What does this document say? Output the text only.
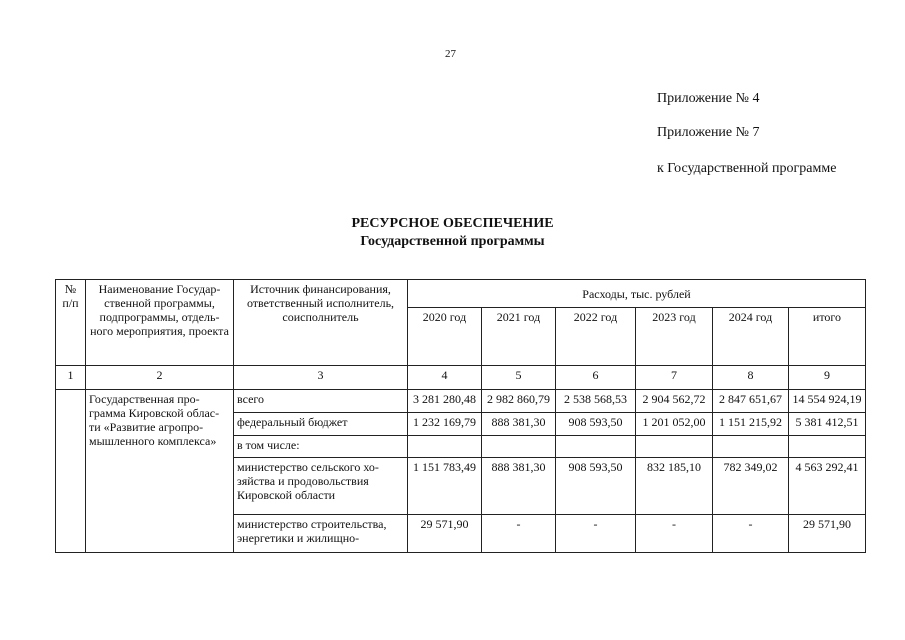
27
Приложение № 4
Приложение № 7
к Государственной программе
РЕСУРСНОЕ ОБЕСПЕЧЕНИЕ
Государственной программы
№ п/п	Наименование Государ-ственной программы, подпрограммы, отдель-ного мероприятия, проекта	Источник финансирования, ответственный исполнитель, соисполнитель	Расходы, тыс. рублей					
			2020 год	2021 год	2022 год	2023 год	2024 год	итого
1	2	3	4	5	6	7	8	9
	Государственная про-грамма Кировской облас-ти «Развитие агропро-мышленного комплекса»	всего	3 281 280,48	2 982 860,79	2 538 568,53	2 904 562,72	2 847 651,67	14 554 924,19
		федеральный бюджет	1 232 169,79	888 381,30	908 593,50	1 201 052,00	1 151 215,92	5 381 412,51
		в том числе:						
		министерство сельского хо-зяйства и продовольствия Кировской области	1 151 783,49	888 381,30	908 593,50	832 185,10	782 349,02	4 563 292,41
		министерство строительства, энергетики и жилищно-	29 571,90	-	-	-	-	29 571,90
